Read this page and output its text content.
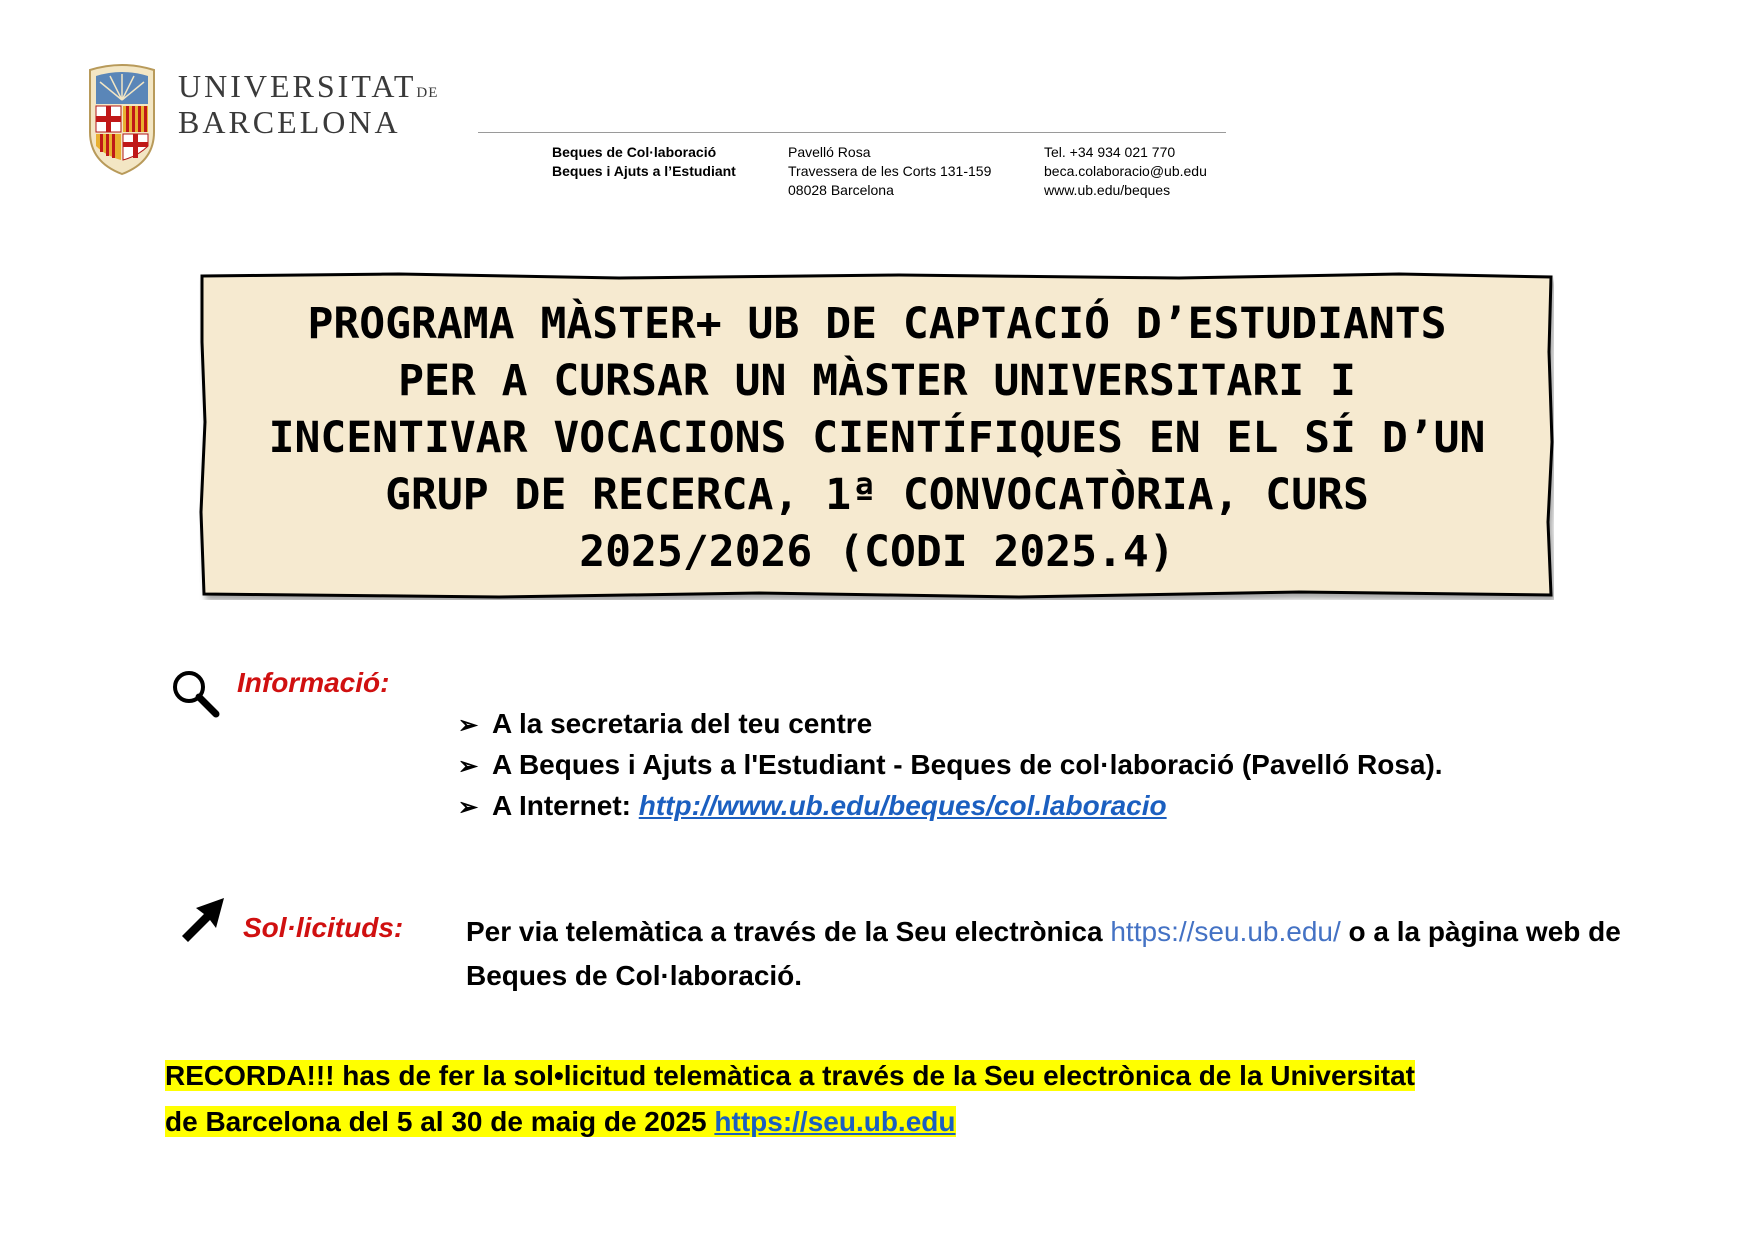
UNIVERSITATDE
BARCELONA
Beques de Col·laboració
Beques i Ajuts a l’Estudiant
Pavelló Rosa
Travessera de les Corts 131-159
08028 Barcelona
Tel. +34 934 021 770
beca.colaboracio@ub.edu
www.ub.edu/beques
PROGRAMA MÀSTER+ UB DE CAPTACIÓ D’ESTUDIANTS
PER A CURSAR UN MÀSTER UNIVERSITARI I
INCENTIVAR VOCACIONS CIENTÍFIQUES EN EL SÍ D’UN
GRUP DE RECERCA, 1ª CONVOCATÒRIA, CURS
2025/2026 (CODI 2025.4)
Informació:
➢ A la secretaria del teu centre
➢ A Beques i Ajuts a l'Estudiant - Beques de col·laboració (Pavelló Rosa).
➢ A Internet: http://www.ub.edu/beques/col.laboracio
Sol·licituds: Per via telemàtica a través de la Seu electrònica https://seu.ub.edu/ o a la pàgina web de Beques de Col·laboració.
RECORDA!!! has de fer la sol•licitud telemàtica a través de la Seu electrònica de la Universitat
de Barcelona del 5 al 30 de maig de 2025 https://seu.ub.edu
